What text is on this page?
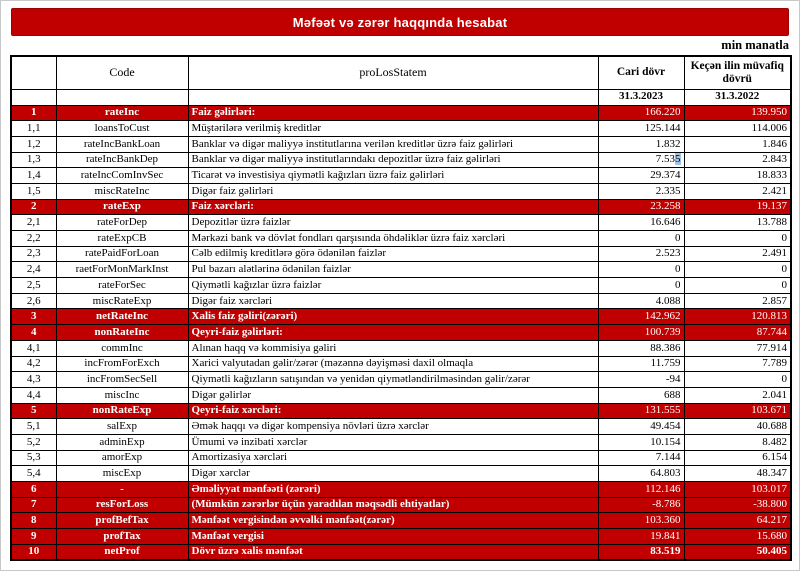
Məfəət və zərər haqqında hesabat
min manatla
	Code	proLosStatem	Cari dövr	Keçən ilin müvafiq dövrü
			31.3.2023	31.3.2022
1	rateInc	Faiz gəlirləri:	166.220	139.950
1,1	loansToCust	Müştərilərə verilmiş kreditlər	125.144	114.006
1,2	rateIncBankLoan	Banklar və digər maliyyə institutlarına verilən kreditlər üzrə faiz gəlirləri	1.832	1.846
1,3	rateIncBankDep	Banklar və digər maliyyə institutlarındakı depozitlər üzrə faiz gəlirləri	7.535	2.843
1,4	rateIncComInvSec	Ticarət və investisiya qiymətli kağızları üzrə faiz gəlirləri	29.374	18.833
1,5	miscRateInc	Digər faiz gəlirləri	2.335	2.421
2	rateExp	Faiz xərcləri:	23.258	19.137
2,1	rateForDep	Depozitlər üzrə faizlər	16.646	13.788
2,2	rateExpCB	Mərkəzi bank və dövlət fondları qarşısında öhdəliklər üzrə faiz xərcləri	0	0
2,3	ratePaidForLoan	Cəlb edilmiş kreditlərə görə ödənilən faizlər	2.523	2.491
2,4	raetForMonMarkInst	Pul bazarı alətlərinə ödənilən faizlər	0	0
2,5	rateForSec	Qiymətli kağızlar üzrə faizlər	0	0
2,6	miscRateExp	Digər faiz xərcləri	4.088	2.857
3	netRateInc	Xalis faiz gəliri(zərəri)	142.962	120.813
4	nonRateInc	Qeyri-faiz gəlirləri:	100.739	87.744
4,1	commInc	Alınan haqq və kommisiya gəliri	88.386	77.914
4,2	incFromForExch	Xarici valyutadan gəlir/zərər (məzənnə dəyişməsi daxil olmaqla	11.759	7.789
4,3	incFromSecSell	Qiymətli kağızların satışından və yenidən qiymətləndirilməsindən gəlir/zərər	-94	0
4,4	miscInc	Digər gəlirlər	688	2.041
5	nonRateExp	Qeyri-faiz xərcləri:	131.555	103.671
5,1	salExp	Əmək haqqı və digər kompensiya növləri üzrə xərclər	49.454	40.688
5,2	adminExp	Ümumi və inzibati xərclər	10.154	8.482
5,3	amorExp	Amortizasiya xərcləri	7.144	6.154
5,4	miscExp	Digər xərclər	64.803	48.347
6	-	Əməliyyat mənfəəti (zərəri)	112.146	103.017
7	resForLoss	(Mümkün zərərlər üçün yaradılan məqsədli ehtiyatlar)	-8.786	-38.800
8	profBefTax	Mənfəət vergisindən əvvəlki mənfəət(zərər)	103.360	64.217
9	profTax	Mənfəət vergisi	19.841	15.680
10	netProf	Dövr üzrə xalis mənfəət	83.519	50.405
